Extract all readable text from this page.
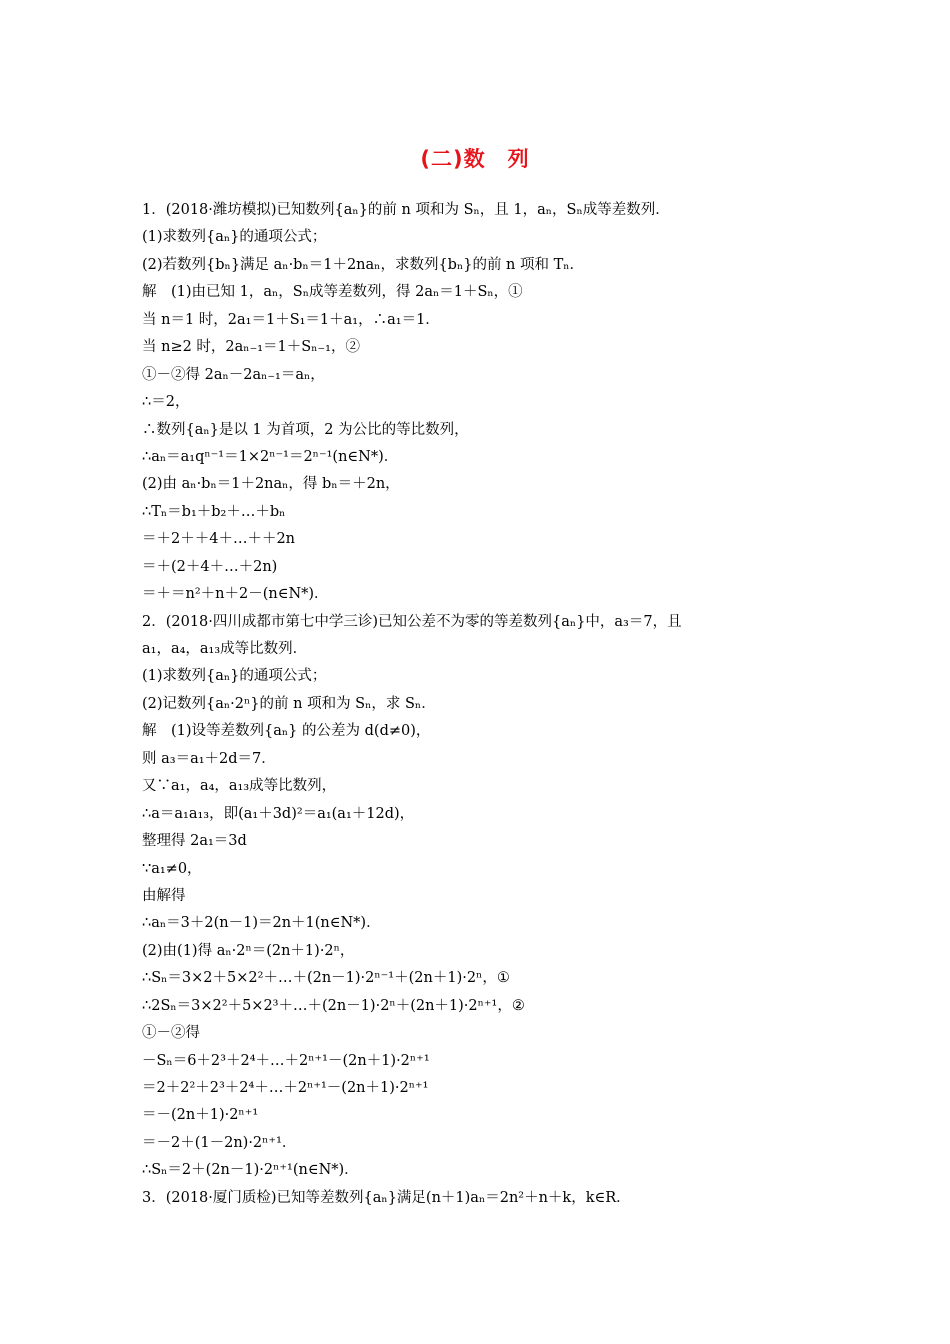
(二)数　列
1．(2018·潍坊模拟)已知数列{aₙ}的前 n 项和为 Sₙ，且 1，aₙ，Sₙ成等差数列．
(1)求数列{aₙ}的通项公式；
(2)若数列{bₙ}满足 aₙ·bₙ＝1＋2naₙ，求数列{bₙ}的前 n 项和 Tₙ．
解　(1)由已知 1，aₙ，Sₙ成等差数列，得 2aₙ＝1＋Sₙ，①
当 n＝1 时，2a₁＝1＋S₁＝1＋a₁，∴a₁＝1．
当 n≥2 时，2aₙ₋₁＝1＋Sₙ₋₁，②
①－②得 2aₙ－2aₙ₋₁＝aₙ，
∴＝2，
∴数列{aₙ}是以 1 为首项，2 为公比的等比数列，
∴aₙ＝a₁qⁿ⁻¹＝1×2ⁿ⁻¹＝2ⁿ⁻¹(n∈N*)．
(2)由 aₙ·bₙ＝1＋2naₙ，得 bₙ＝＋2n，
∴Tₙ＝b₁＋b₂＋…＋bₙ
＝＋2＋＋4＋…＋＋2n
＝＋(2＋4＋…＋2n)
＝＋＝n²＋n＋2－(n∈N*)．
2．(2018·四川成都市第七中学三诊)已知公差不为零的等差数列{aₙ}中，a₃＝7，且
a₁，a₄，a₁₃成等比数列．
(1)求数列{aₙ}的通项公式；
(2)记数列{aₙ·2ⁿ}的前 n 项和为 Sₙ，求 Sₙ．
解　(1)设等差数列{aₙ} 的公差为 d(d≠0)，
则 a₃＝a₁＋2d＝7．
又∵a₁，a₄，a₁₃成等比数列，
∴a＝a₁a₁₃，即(a₁＋3d)²＝a₁(a₁＋12d)，
整理得 2a₁＝3d
∵a₁≠0，
由解得
∴aₙ＝3＋2(n－1)＝2n＋1(n∈N*)．
(2)由(1)得 aₙ·2ⁿ＝(2n＋1)·2ⁿ，
∴Sₙ＝3×2＋5×2²＋…＋(2n－1)·2ⁿ⁻¹＋(2n＋1)·2ⁿ，①
∴2Sₙ＝3×2²＋5×2³＋…＋(2n－1)·2ⁿ＋(2n＋1)·2ⁿ⁺¹，②
①－②得
－Sₙ＝6＋2³＋2⁴＋…＋2ⁿ⁺¹－(2n＋1)·2ⁿ⁺¹
＝2＋2²＋2³＋2⁴＋…＋2ⁿ⁺¹－(2n＋1)·2ⁿ⁺¹
＝－(2n＋1)·2ⁿ⁺¹
＝－2＋(1－2n)·2ⁿ⁺¹．
∴Sₙ＝2＋(2n－1)·2ⁿ⁺¹(n∈N*)．
3．(2018·厦门质检)已知等差数列{aₙ}满足(n＋1)aₙ＝2n²＋n＋k，k∈R．
